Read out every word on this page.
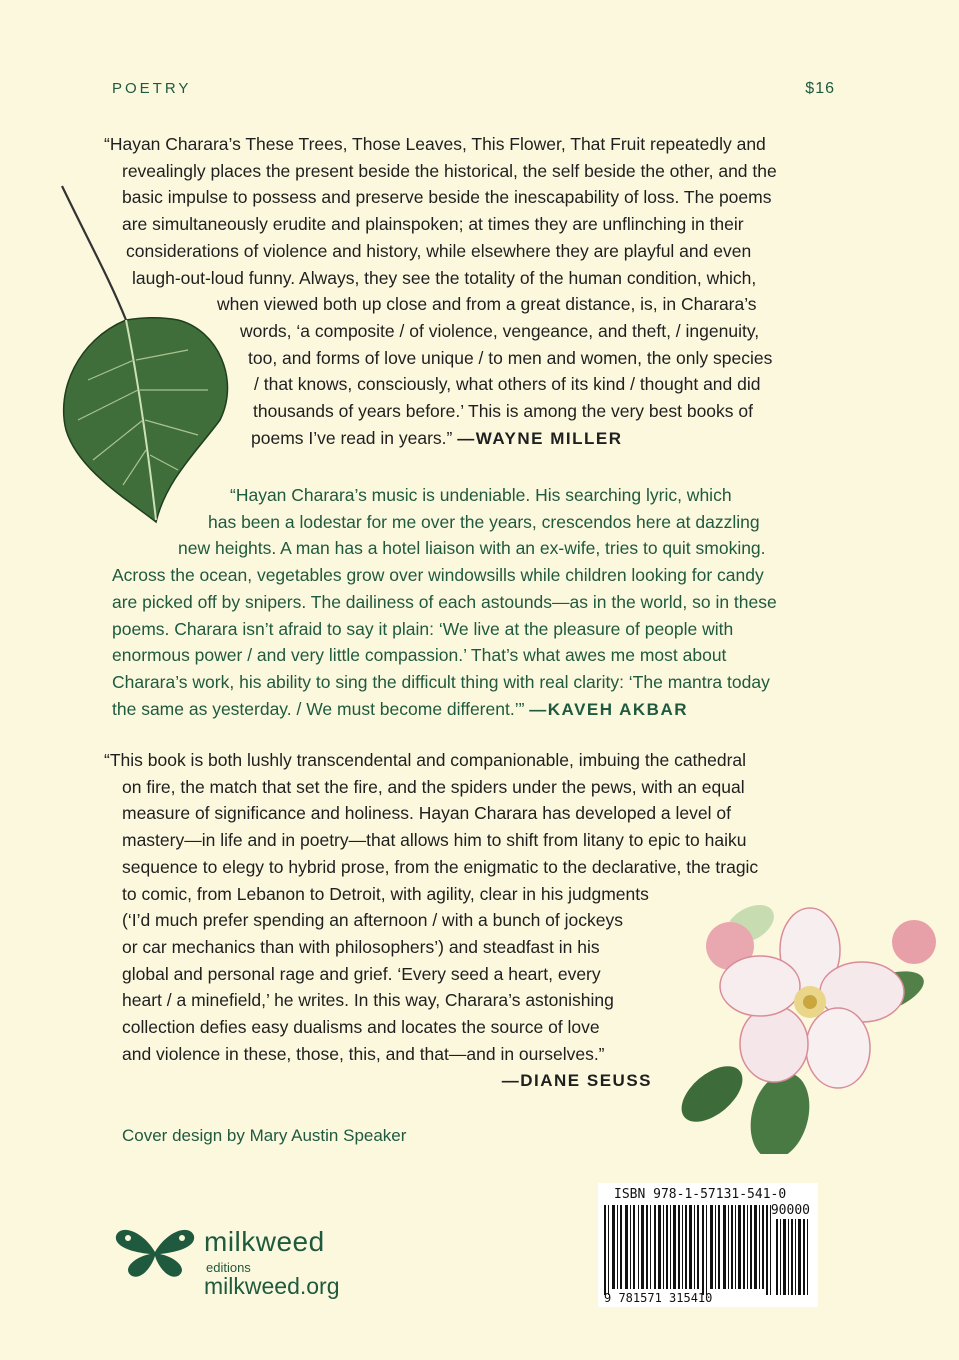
POETRY	$16
“Hayan Charara’s These Trees, Those Leaves, This Flower, That Fruit repeatedly and
revealingly places the present beside the historical, the self beside the other, and the
basic impulse to possess and preserve beside the inescapability of loss. The poems
are simultaneously erudite and plainspoken; at times they are unflinching in their
considerations of violence and history, while elsewhere they are playful and even
laugh-out-loud funny. Always, they see the totality of the human condition, which,
when viewed both up close and from a great distance, is, in Charara’s
words, ‘a composite / of violence, vengeance, and theft, / ingenuity,
too, and forms of love unique / to men and women, the only species
/ that knows, consciously, what others of its kind / thought and did
thousands of years before.’ This is among the very best books of
poems I’ve read in years.” —WAYNE MILLER
“Hayan Charara’s music is undeniable. His searching lyric, which
has been a lodestar for me over the years, crescendos here at dazzling
new heights. A man has a hotel liaison with an ex-wife, tries to quit smoking.
Across the ocean, vegetables grow over windowsills while children looking for candy
are picked off by snipers. The dailiness of each astounds—as in the world, so in these
poems. Charara isn’t afraid to say it plain: ‘We live at the pleasure of people with
enormous power / and very little compassion.’ That’s what awes me most about
Charara’s work, his ability to sing the difficult thing with real clarity: ‘The mantra today
the same as yesterday. / We must become different.’” —KAVEH AKBAR
“This book is both lushly transcendental and companionable, imbuing the cathedral
on fire, the match that set the fire, and the spiders under the pews, with an equal
measure of significance and holiness. Hayan Charara has developed a level of
mastery—in life and in poetry—that allows him to shift from litany to epic to haiku
sequence to elegy to hybrid prose, from the enigmatic to the declarative, the tragic
to comic, from Lebanon to Detroit, with agility, clear in his judgments
(‘I’d much prefer spending an afternoon / with a bunch of jockeys
or car mechanics than with philosophers’) and steadfast in his
global and personal rage and grief. ‘Every seed a heart, every
heart / a minefield,’ he writes. In this way, Charara’s astonishing
collection defies easy dualisms and locates the source of love
and violence in these, those, this, and that—and in ourselves.”
—DIANE SEUSS
Cover design by Mary Austin Speaker
milkweed
editions
milkweed.org
ISBN 978-1-57131-541-0
90000
9 781571 315410
